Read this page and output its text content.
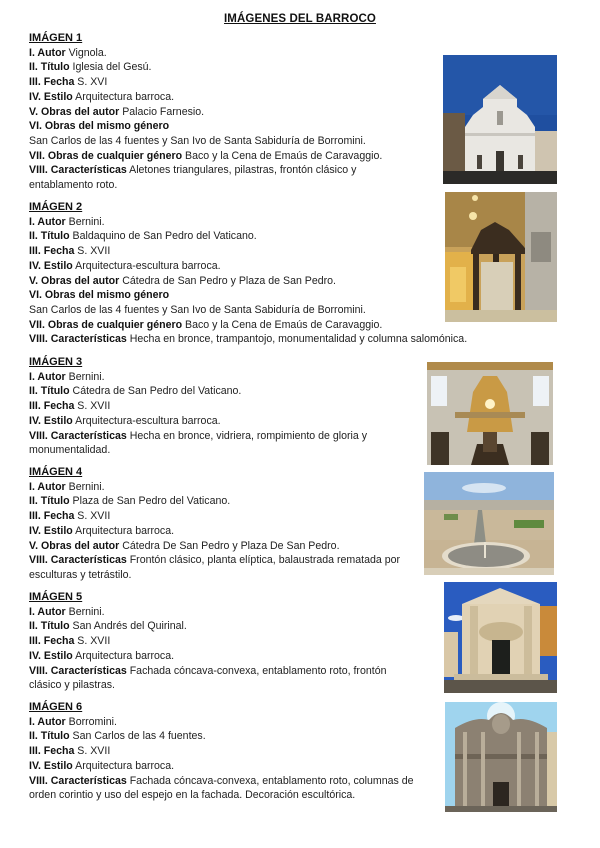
IMÁGENES DEL BARROCO
IMÁGEN 1
I. Autor Vignola.
II. Título Iglesia del Gesú.
III. Fecha S. XVI
IV. Estilo Arquitectura barroca.
V. Obras del autor Palacio Farnesio.
VI. Obras del mismo género
San Carlos de las 4 fuentes y San Ivo de Santa Sabiduría de Borromini.
VII. Obras de cualquier género Baco y la Cena de Emaús de Caravaggio.
VIII. Características Aletones triangulares, pilastras, frontón clásico y entablamento roto.
IMÁGEN 2
I. Autor Bernini.
II. Título Baldaquino de San Pedro del Vaticano.
III. Fecha S. XVII
IV. Estilo Arquitectura-escultura barroca.
V. Obras del autor Cátedra de San Pedro y Plaza de San Pedro.
VI. Obras del mismo género
San Carlos de las 4 fuentes y San Ivo de Santa Sabiduría de Borromini.
VII. Obras de cualquier género Baco y la Cena de Emaús de Caravaggio.
VIII. Características Hecha en bronce, trampantojo, monumentalidad y columna salomónica.
IMÁGEN 3
I. Autor Bernini.
II. Título Cátedra de San Pedro del Vaticano.
III. Fecha S. XVII
IV. Estilo Arquitectura-escultura barroca.
VIII. Características Hecha en bronce, vidriera, rompimiento de gloria y monumentalidad.
IMÁGEN 4
I. Autor Bernini.
II. Título Plaza de San Pedro del Vaticano.
III. Fecha S. XVII
IV. Estilo Arquitectura barroca.
V. Obras del autor Cátedra De San Pedro y Plaza De San Pedro.
VIII. Características Frontón clásico, planta elíptica, balaustrada rematada por esculturas y tetrástilo.
IMÁGEN 5
I. Autor Bernini.
II. Título San Andrés del Quirinal.
III. Fecha S. XVII
IV. Estilo Arquitectura barroca.
VIII. Características Fachada cóncava-convexa, entablamento roto, frontón clásico y pilastras.
IMÁGEN 6
I. Autor Borromini.
II. Título San Carlos de las 4 fuentes.
III. Fecha S. XVII
IV. Estilo Arquitectura barroca.
VIII. Características Fachada cóncava-convexa, entablamento roto, columnas de orden corintio y uso del espejo en la fachada. Decoración escultórica.
